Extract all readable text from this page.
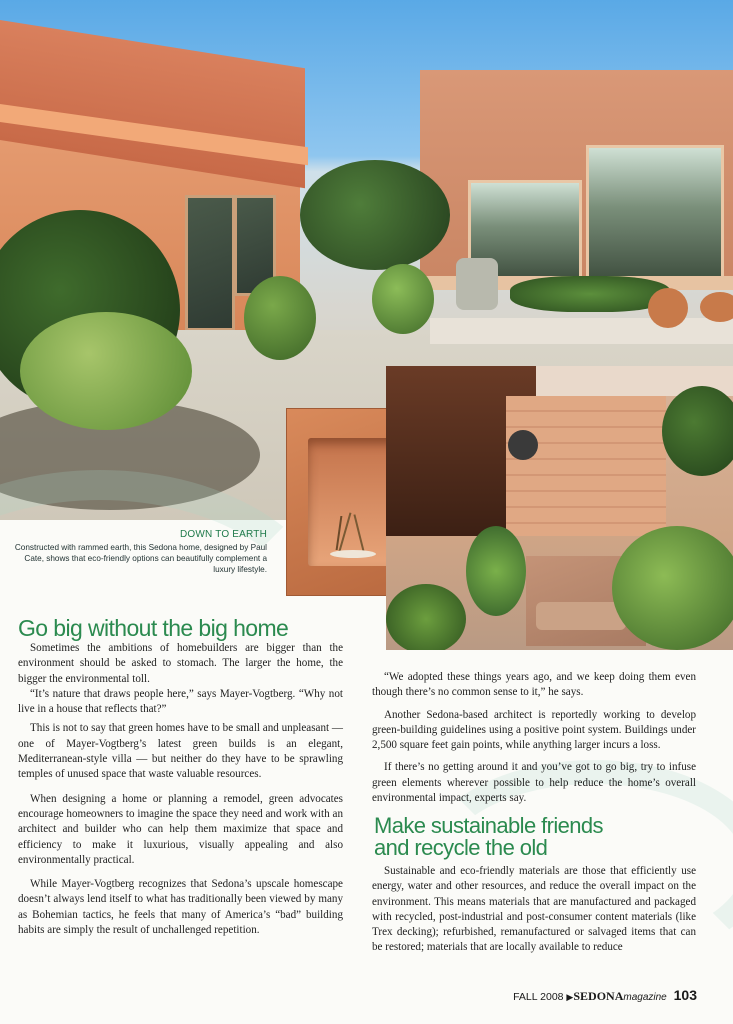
DOWN TO EARTH
Constructed with rammed earth, this Sedona home, designed by Paul Cate, shows that eco-friendly options can beautifully complement a luxury lifestyle.
Go big without the big home

Sometimes the ambitions of homebuilders are bigger than the environment should be asked to stomach. The larger the home, the bigger the environmental toll.

“It’s nature that draws people here,” says Mayer-Vogtberg. “Why not live in a house that reflects that?”

This is not to say that green homes have to be small and unpleasant — one of Mayer-Vogtberg’s latest green builds is an elegant, Mediterranean-style villa — but neither do they have to be sprawling temples of unused space that waste valuable resources.

When designing a home or planning a remodel, green advocates encourage homeowners to imagine the space they need and work with an architect and builder who can help them maximize that space and efficiency to make it luxurious, visually appealing and also environmentally practical.

While Mayer-Vogtberg recognizes that Sedona’s upscale homescape doesn’t always lend itself to what has traditionally been viewed by many as Bohemian tactics, he feels that many of America’s “bad” building habits are simply the result of unchallenged repetition.

“We adopted these things years ago, and we keep doing them even though there’s no common sense to it,” he says.

Another Sedona-based architect is reportedly working to develop green-building guidelines using a positive point system. Buildings under 2,500 square feet gain points, while anything larger incurs a loss.

If there’s no getting around it and you’ve got to go big, try to infuse green elements wherever possible to help reduce the home’s overall environmental impact, experts say.

Make sustainable friends
and recycle the old

Sustainable and eco-friendly materials are those that efficiently use energy, water and other resources, and reduce the overall impact on the environment. This means materials that are manufactured and packaged with recycled, post-industrial and post-consumer content materials (like Trex decking); refurbished, remanufactured or salvaged items that can be restored; materials that are locally available to reduce

FALL 2008 ▶SEDONAmagazine 103
